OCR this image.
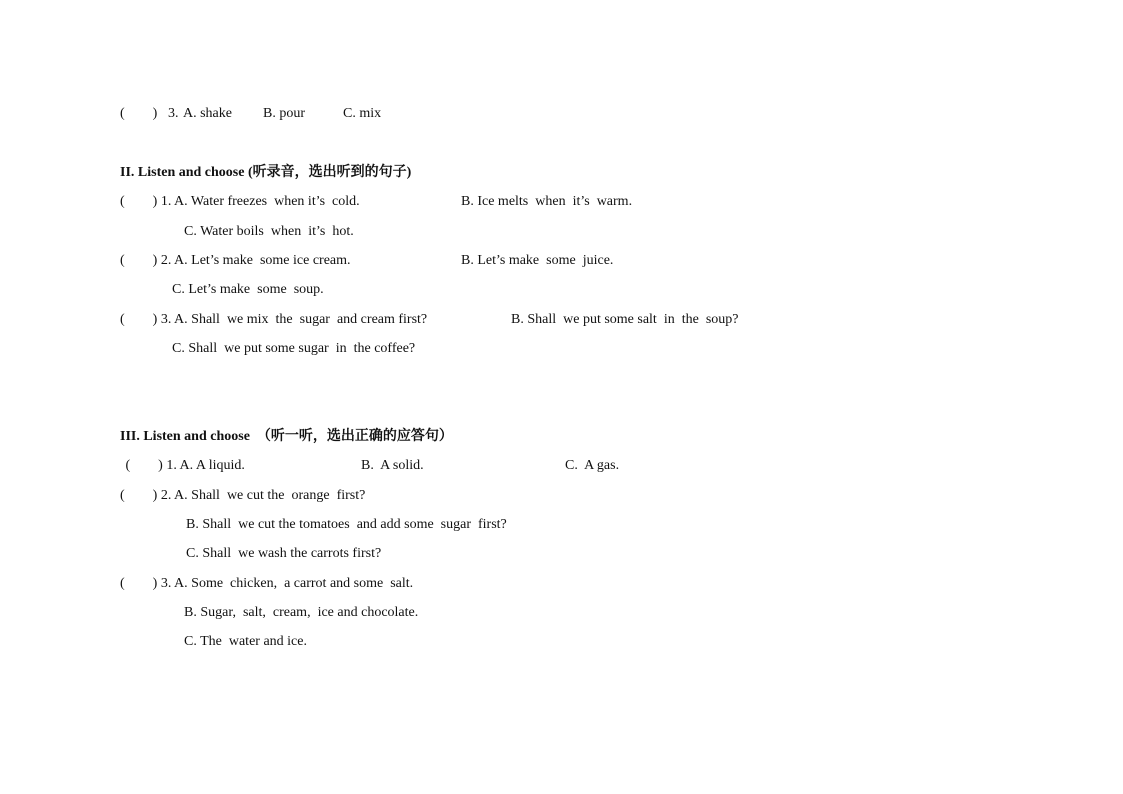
(        ) 3. A. shake B. pour	C. mix
II. Listen and choose (听录音，选出听到的句子)
(        ) 1. A. Water freezes  when it’s  cold.	B. Ice melts  when  it’s  warm.
C. Water boils  when  it’s  hot.
(        ) 2. A. Let’s make  some ice cream.	B. Let’s make  some  juice.
C. Let’s make  some  soup.
(        ) 3. A. Shall  we mix  the  sugar  and cream first?	B. Shall  we put some salt  in  the  soup?
C. Shall  we put some sugar  in  the coffee?
III. Listen and choose  （听一听，选出正确的应答句）
(        ) 1. A. A liquid.	B.  A solid.	C.  A gas.
(        ) 2. A. Shall  we cut the  orange  first?
B. Shall  we cut the tomatoes  and add some  sugar  first?
C. Shall  we wash the carrots first?
(        ) 3. A. Some  chicken,  a carrot and some  salt.
B. Sugar,  salt,  cream,  ice and chocolate.
C. The  water and ice.
